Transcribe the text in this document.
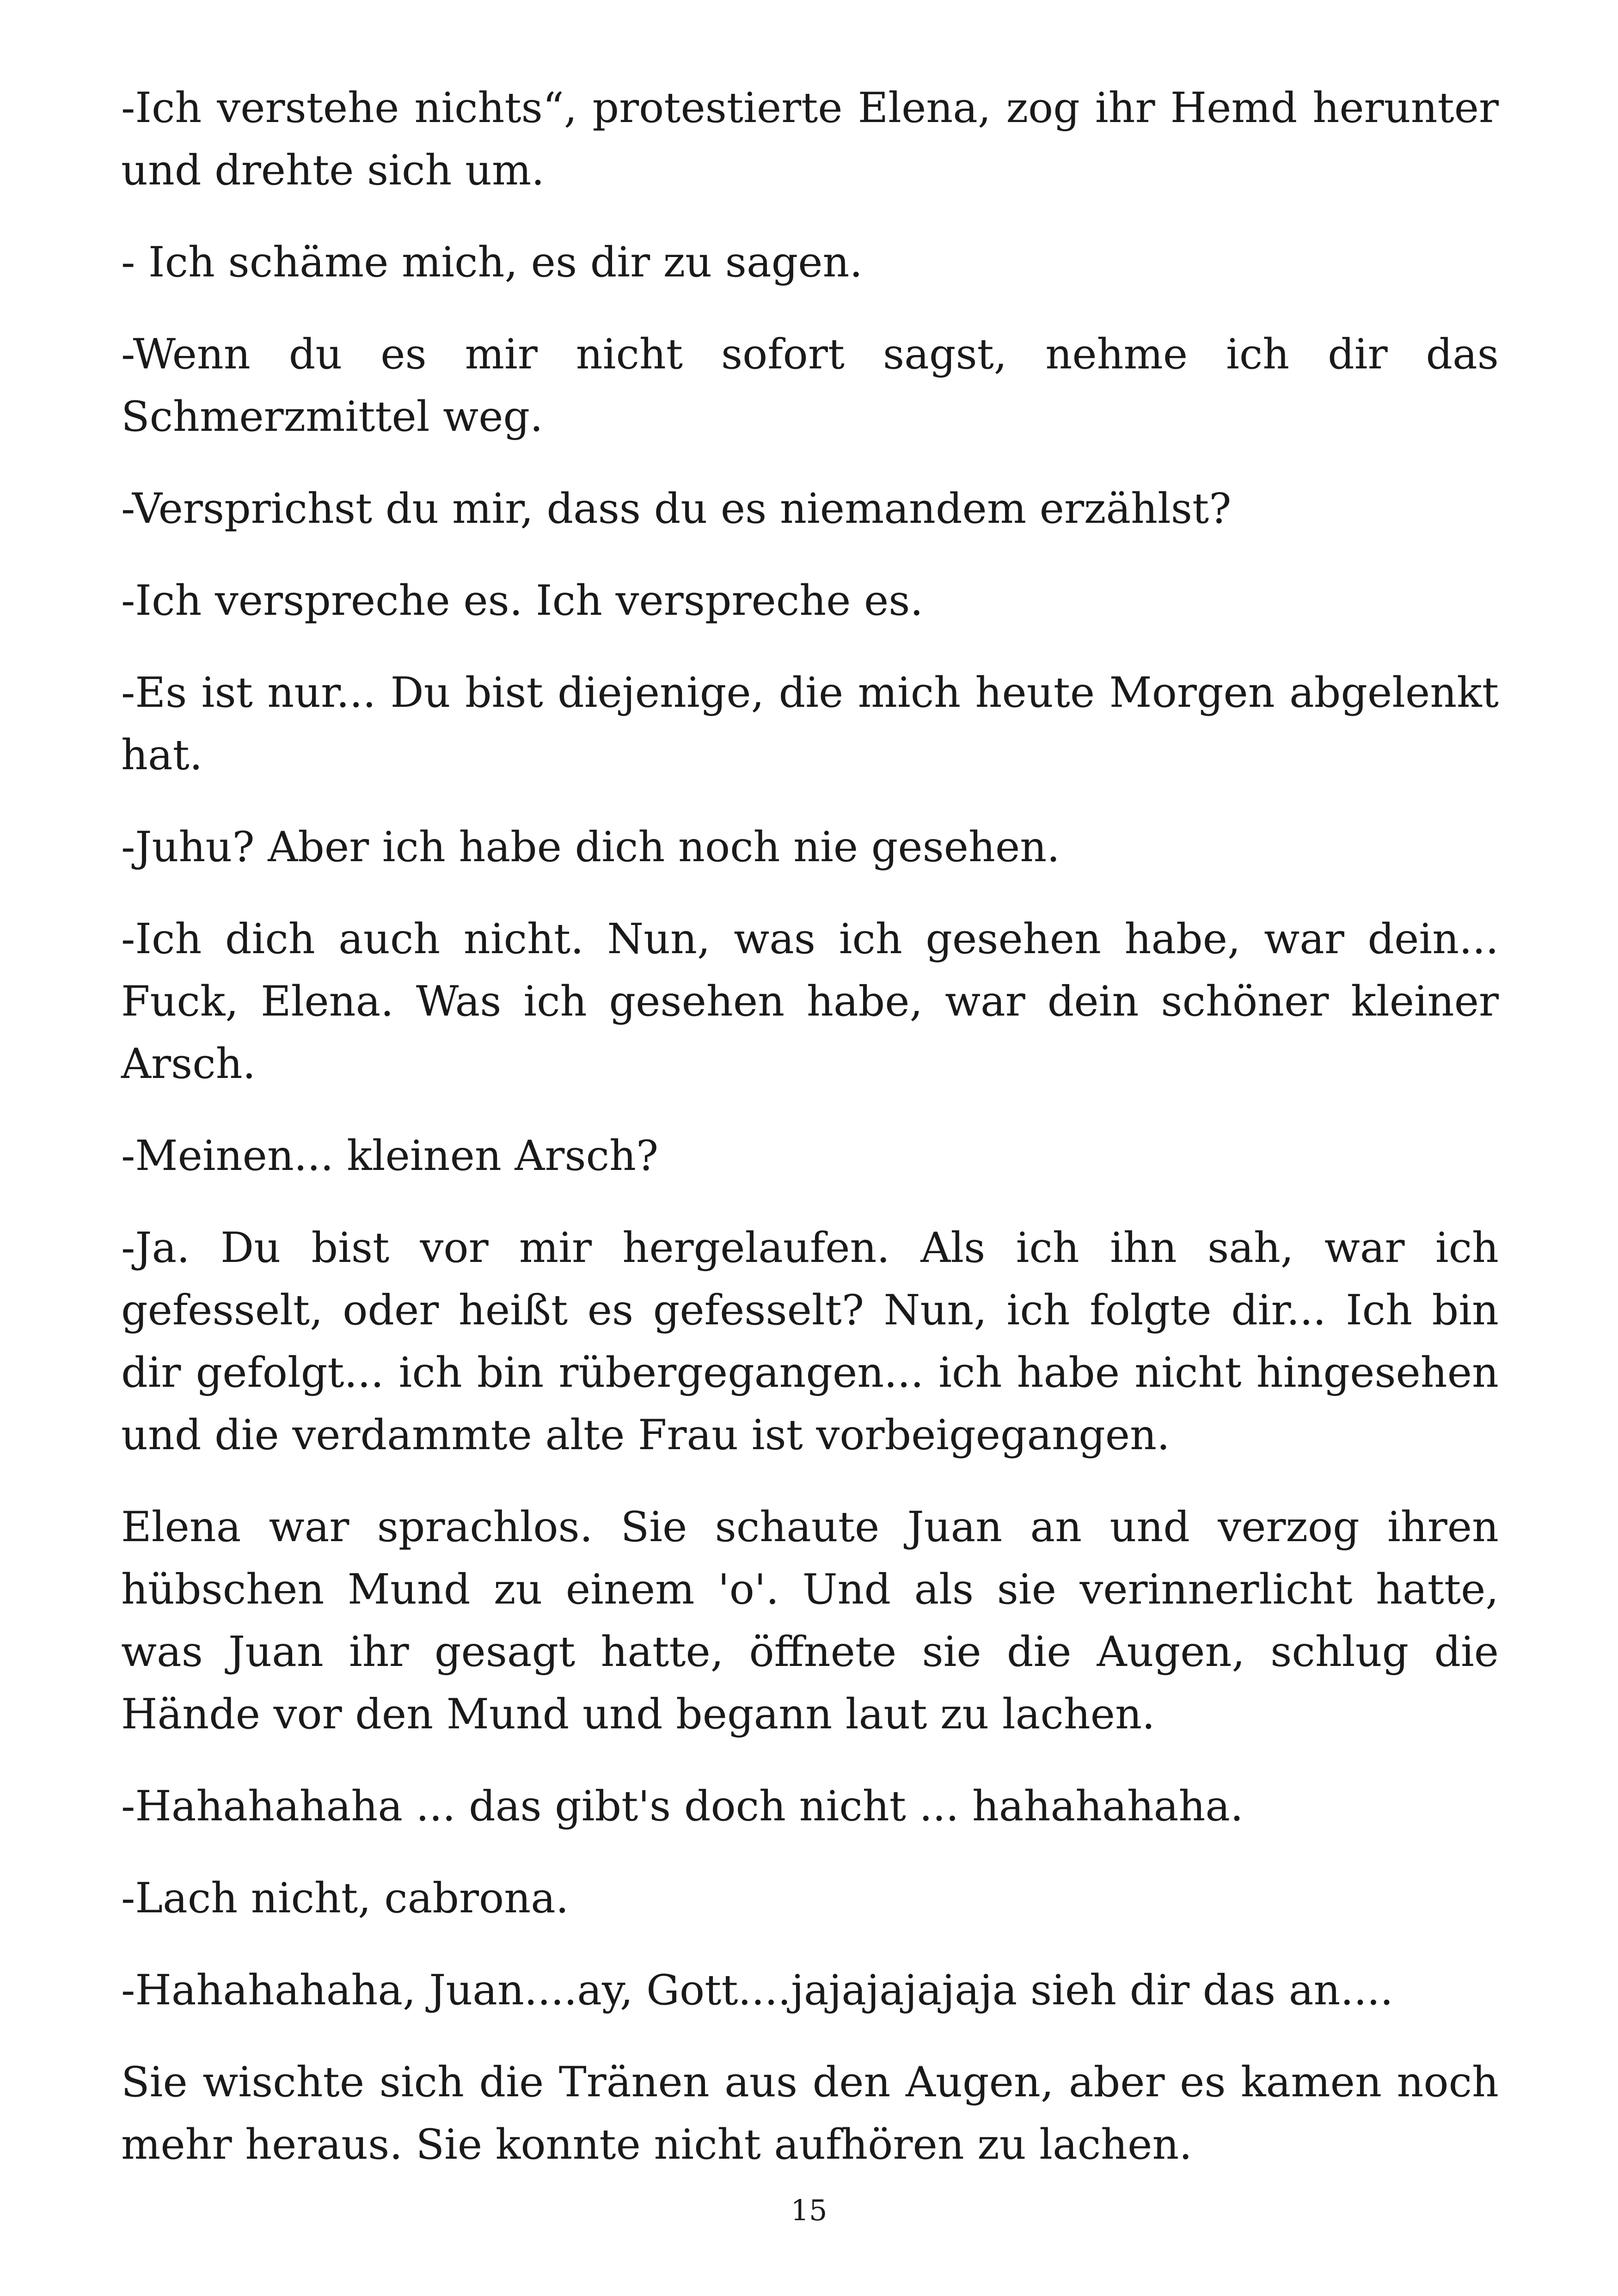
-Ich verstehe nichts“, protestierte Elena, zog ihr Hemd herunter und drehte sich um.

- Ich schäme mich, es dir zu sagen.

-Wenn du es mir nicht sofort sagst, nehme ich dir das Schmerzmittel weg.

-Versprichst du mir, dass du es niemandem erzählst?

-Ich verspreche es. Ich verspreche es.

-Es ist nur... Du bist diejenige, die mich heute Morgen abgelenkt hat.

-Juhu? Aber ich habe dich noch nie gesehen.

-Ich dich auch nicht. Nun, was ich gesehen habe, war dein... Fuck, Elena. Was ich gesehen habe, war dein schöner kleiner Arsch.

-Meinen... kleinen Arsch?

-Ja. Du bist vor mir hergelaufen. Als ich ihn sah, war ich gefesselt, oder heißt es gefesselt? Nun, ich folgte dir... Ich bin dir gefolgt... ich bin rübergegangen... ich habe nicht hingesehen und die verdammte alte Frau ist vorbeigegangen.

Elena war sprachlos. Sie schaute Juan an und verzog ihren hübschen Mund zu einem 'o'. Und als sie verinnerlicht hatte, was Juan ihr gesagt hatte, öffnete sie die Augen, schlug die Hände vor den Mund und begann laut zu lachen.

-Hahahahaha ... das gibt's doch nicht ... hahahahaha.

-Lach nicht, cabrona.

-Hahahahaha, Juan....ay, Gott....jajajajajaja sieh dir das an....

Sie wischte sich die Tränen aus den Augen, aber es kamen noch mehr heraus. Sie konnte nicht aufhören zu lachen.

15
